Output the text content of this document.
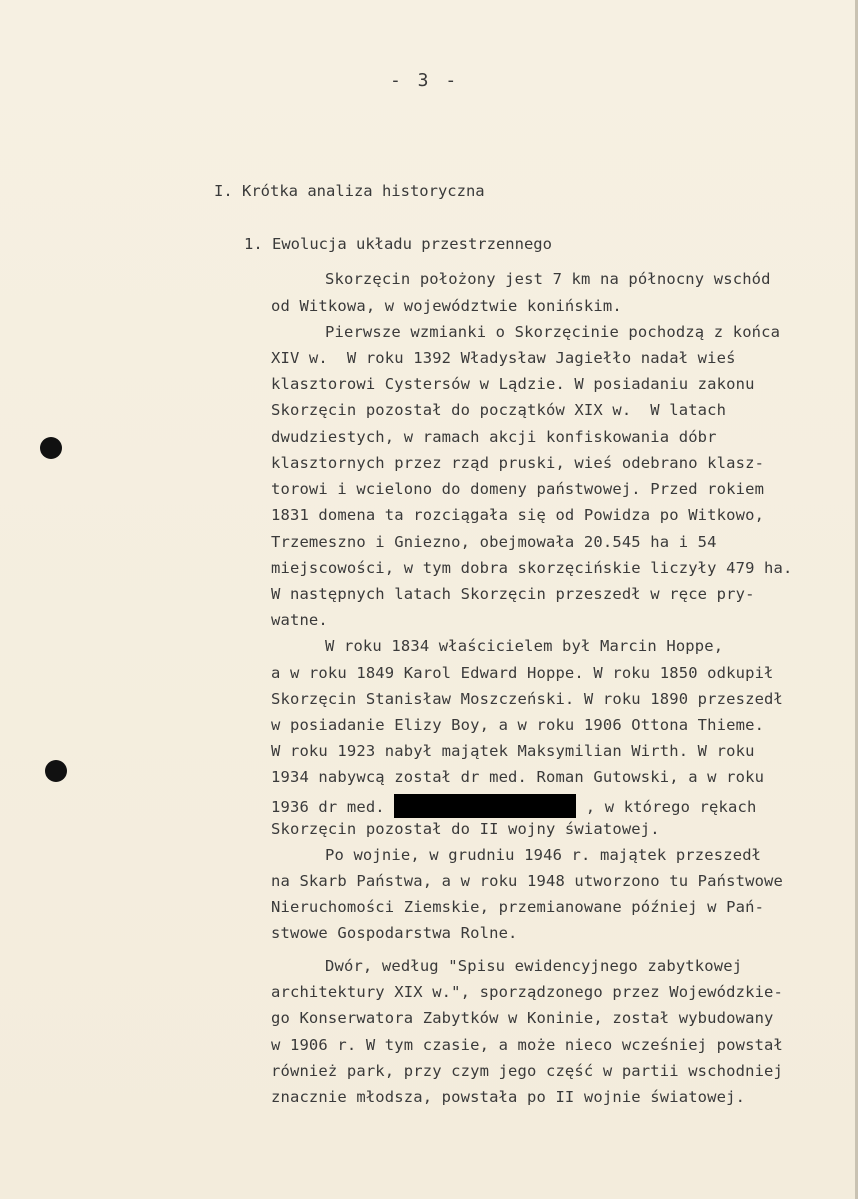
- 3 -
I. Krótka analiza historyczna
1. Ewolucja układu przestrzennego
Skorzęcin położony jest 7 km na północny wschód
od Witkowa, w województwie konińskim.
Pierwsze wzmianki o Skorzęcinie pochodzą z końca
XIV w.  W roku 1392 Władysław Jagiełło nadał wieś
klasztorowi Cystersów w Lądzie. W posiadaniu zakonu
Skorzęcin pozostał do początków XIX w.  W latach
dwudziestych, w ramach akcji konfiskowania dóbr
klasztornych przez rząd pruski, wieś odebrano klasz-
torowi i wcielono do domeny państwowej. Przed rokiem
1831 domena ta rozciągała się od Powidza po Witkowo,
Trzemeszno i Gniezno, obejmowała 20.545 ha i 54
miejscowości, w tym dobra skorzęcińskie liczyły 479 ha.
W następnych latach Skorzęcin przeszedł w ręce pry-
watne.
W roku 1834 właścicielem był Marcin Hoppe,
a w roku 1849 Karol Edward Hoppe. W roku 1850 odkupił
Skorzęcin Stanisław Moszczeński. W roku 1890 przeszedł
w posiadanie Elizy Boy, a w roku 1906 Ottona Thieme.
W roku 1923 nabył majątek Maksymilian Wirth. W roku
1934 nabywcą został dr med. Roman Gutowski, a w roku
1936 dr med.	, w którego rękach
Skorzęcin pozostał do II wojny światowej.
Po wojnie, w grudniu 1946 r. majątek przeszedł
na Skarb Państwa, a w roku 1948 utworzono tu Państwowe
Nieruchomości Ziemskie, przemianowane później w Pań-
stwowe Gospodarstwa Rolne.
Dwór, według "Spisu ewidencyjnego zabytkowej
architektury XIX w.", sporządzonego przez Wojewódzkie-
go Konserwatora Zabytków w Koninie, został wybudowany
w 1906 r. W tym czasie, a może nieco wcześniej powstał
również park, przy czym jego część w partii wschodniej
znacznie młodsza, powstała po II wojnie światowej.
